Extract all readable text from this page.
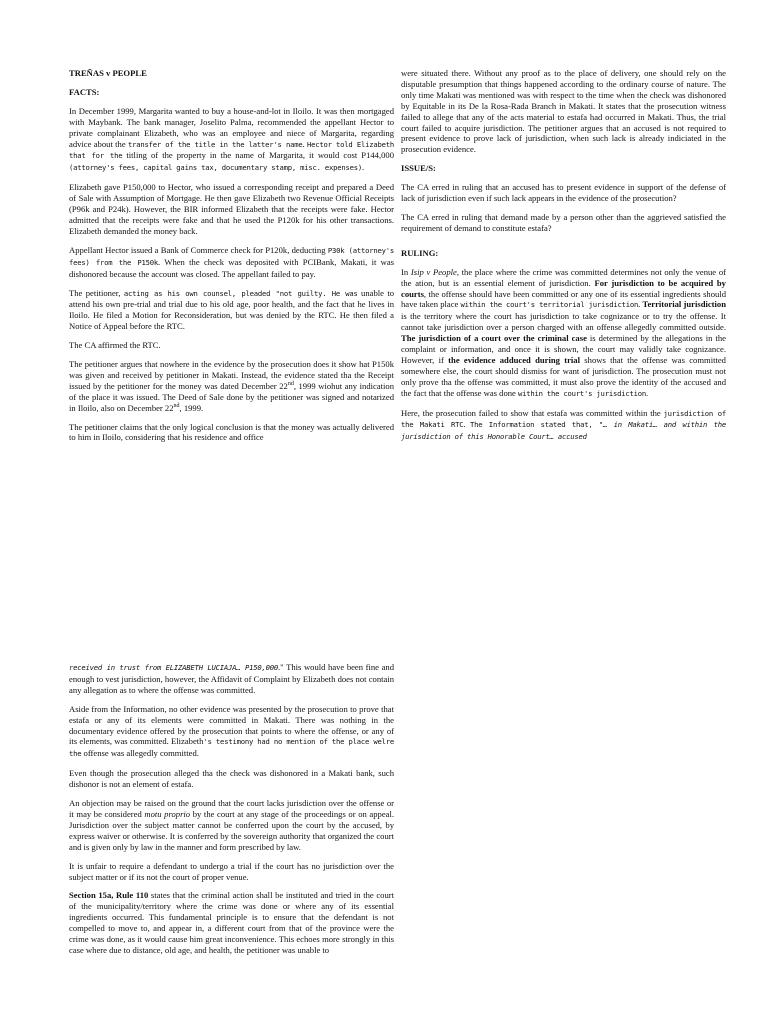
TREÑAS v PEOPLE

FACTS:

In December 1999, Margarita wanted to buy a house-and-lot in Iloilo. It was then mortgaged with Maybank. The bank manager, Joselito Palma, recommended the appellant Hector to private complainant Elizabeth, who was an employee and niece of Margarita, regarding advice about the transfer of the title in the latter's name. Hector told Elizabeth that for the titling of the property in the name of Margarita, it would cost P144,000 (attorney's fees, capital gains tax, documentary stamp, misc. expenses).

Elizabeth gave P150,000 to Hector, who issued a corresponding receipt and prepared a Deed of Sale with Assumption of Mortgage. He then gave Elizabeth two Revenue Official Receipts (P96k and P24k). However, the BIR informed Elizabeth that the receipts were fake. Hector admitted that the receipts were fake and that he used the P120k for his other transactions. Elizabeth demanded the money back.

Appellant Hector issued a Bank of Commerce check for P120k, deducting P30k (attorney's fees) from the P150k. When the check was deposited with PCIBank, Makati, it was dishonored because the account was closed. The appellant failed to pay.

The petitioner, acting as his own counsel, pleaded "not guilty. He was unable to attend his own pre-trial and trial due to his old age, poor health, and the fact that he lives in Iloilo. He filed a Motion for Reconsideration, but was denied by the RTC. He then filed a Notice of Appeal before the RTC.

The CA affirmed the RTC.

The petitioner argues that nowhere in the evidence by the prosecution does it show hat P150k was given and received by petitioner in Makati. Instead, the evidence stated tha the Receipt issued by the petitioner for the money was dated December 22nd, 1999 wiohut any indication of the place it was issued. The Deed of Sale done by the petitioner was signed and notarized in Iloilo, also on December 22nd, 1999.

The petitioner claims that the only logical conclusion is that the money was actually delivered to him in Iloilo, considering that his residence and office

were situated there. Without any proof as to the place of delivery, one should rely on the disputable presumption that things happened according to the ordinary course of nature. The only time Makati was mentioned was with respect to the time when the check was dishonored by Equitable in its De la Rosa-Rada Branch in Makati. It states that the prosecution witness failed to allege that any of the acts material to estafa had occurred in Makati. Thus, the trial court failed to acquire jurisdiction. The petitioner argues that an accused is not required to present evidence to prove lack of jurisdiction, when such lack is already indiciated in the prosecution evidence.

ISSUE/S:

The CA erred in ruling that an accused has to present evidence in support of the defense of lack of jurisdiction even if such lack appears in the evidence of the prosecution?

The CA erred in ruling that demand made by a person other than the aggrieved satisfied the requirement of demand to constitute estafa?

RULING:

In Isip v People, the place where the crime was committed determines not only the venue of the ation, but is an essential element of jurisdiction. For jurisdiction to be acquired by courts, the offense should have been committed or any one of its essential ingredients should have taken place within the court's territorial jurisdiction. Territorial jurisdiction is the territory where the court has jurisdiction to take cognizance or to try the offense. It cannot take jurisdiction over a person charged with an offense allegedly committed outside. The jurisdiction of a court over the criminal case is determined by the allegations in the complaint or information, and once it is shown, the court may validly take cognizance. However, if the evidence adduced during trial shows that the offense was committed somewhere else, the court should dismiss for want of jurisdiction. The prosecution must not only prove tha the offense was committed, it must also prove the identity of the accused and the fact that the offense was done within the court's jurisdiction.

Here, the prosecution failed to show that estafa was committed within the jurisdiction of the Makati RTC. The Information stated that, "… in Makati… and within the jurisdiction of this Honorable Court… accused

received in trust from ELIZABETH LUCIAJA… P150,000." This would have been fine and enough to vest jurisdiction, however, the Affidavit of Complaint by Elizabeth does not contain any allegation as to where the offense was committed.

Aside from the Information, no other evidence was presented by the prosecution to prove that estafa or any of its elements were committed in Makati. There was nothing in the documentary evidence offered by the prosecution that points to where the offense, or any of its elements, was committed. Elizabeth's testimony had no mention of the place welre the offense was allegedly committed.

Even though the prosecution alleged tha the check was dishonored in a Makati bank, such dishonor is not an element of estafa.

An objection may be raised on the ground that the court lacks jurisdiction over the offense or it may be considered motu proprio by the court at any stage of the proceedings or on appeal. Jurisdiction over the subject matter cannot be conferred upon the court by the accused, by express waiver or otherwise. It is conferred by the sovereign authority that organized the court and is given only by law in the manner and form prescribed by law.

It is unfair to require a defendant to undergo a trial if the court has no jurisdiction over the subject matter or if its not the court of proper venue.

Section 15a, Rule 110 states that the criminal action shall be instituted and tried in the court of the municipality/territory where the crime was done or where any of its essential ingredients occurred. This fundamental principle is to ensure that the defendant is not compelled to move to, and appear in, a different court from that of the province were the crime was done, as it would cause him great inconvenience. This echoes more strongly in this case where due to distance, old age, and health, the petitioner was unable to
